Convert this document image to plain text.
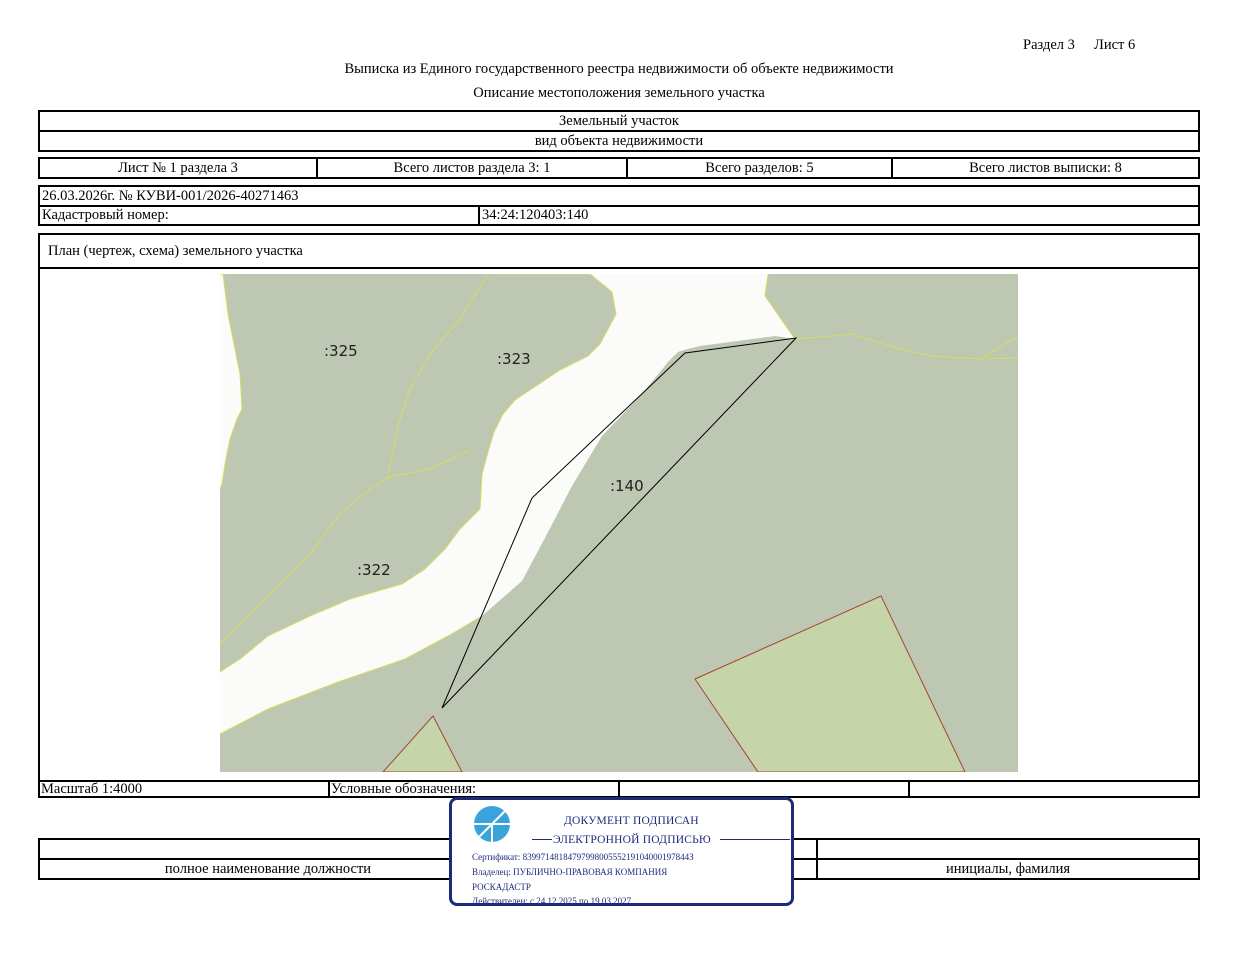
Раздел 3 Лист 6
Выписка из Единого государственного реестра недвижимости об объекте недвижимости
Описание местоположения земельного участка
Земельный участок
вид объекта недвижимости
Лист № 1 раздела 3	Всего листов раздела 3: 1	Всего разделов: 5	Всего листов выписки: 8
26.03.2026г. № КУВИ-001/2026-40271463
Кадастровый номер:	34:24:120403:140
План (чертеж, схема) земельного участка
Масштаб 1:4000	Условные обозначения:
:325	:323
:140
:322
полное наименование должности	инициалы, фамилия
ДОКУМЕНТ ПОДПИСАН
ЭЛЕКТРОННОЙ ПОДПИСЬЮ
Сертификат: 8399714818479799800555219104000197844З
Владелец: ПУБЛИЧНО-ПРАВОВАЯ КОМПАНИЯ
РОСКАДАСТР
Действителен: с 24.12.2025 по 19.03.2027
